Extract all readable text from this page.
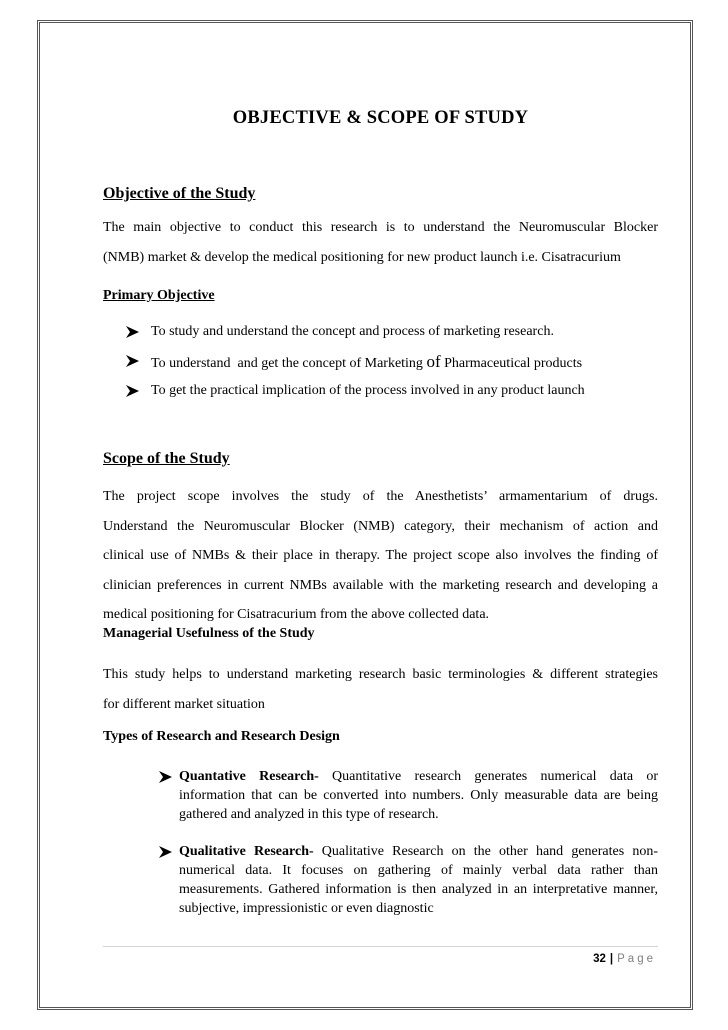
OBJECTIVE & SCOPE OF STUDY
Objective of the Study
The main objective to conduct this research is to understand the Neuromuscular Blocker
(NMB) market & develop the medical positioning for new product launch i.e. Cisatracurium
Primary Objective
To study and understand the concept and process of marketing research.
To understand  and get the concept of Marketing of Pharmaceutical products
To get the practical implication of the process involved in any product launch
Scope of the Study
The project scope involves the study of the Anesthetists’ armamentarium of drugs.
Understand the Neuromuscular Blocker (NMB) category, their mechanism of action and
clinical use of NMBs & their place in therapy. The project scope also involves the finding of
clinician preferences in current NMBs available with the marketing research and developing a
medical positioning for Cisatracurium from the above collected data.
Managerial Usefulness of the Study
This study helps to understand marketing research basic terminologies & different strategies
for different market situation
Types of Research and Research Design
Quantative Research- Quantitative research generates numerical data or
information that can be converted into numbers. Only measurable data are being
gathered and analyzed in this type of research.
Qualitative Research- Qualitative Research on the other hand generates non-
numerical data. It focuses on gathering of mainly verbal data rather than
measurements. Gathered information is then analyzed in an interpretative manner,
subjective, impressionistic or even diagnostic
32 | Page
